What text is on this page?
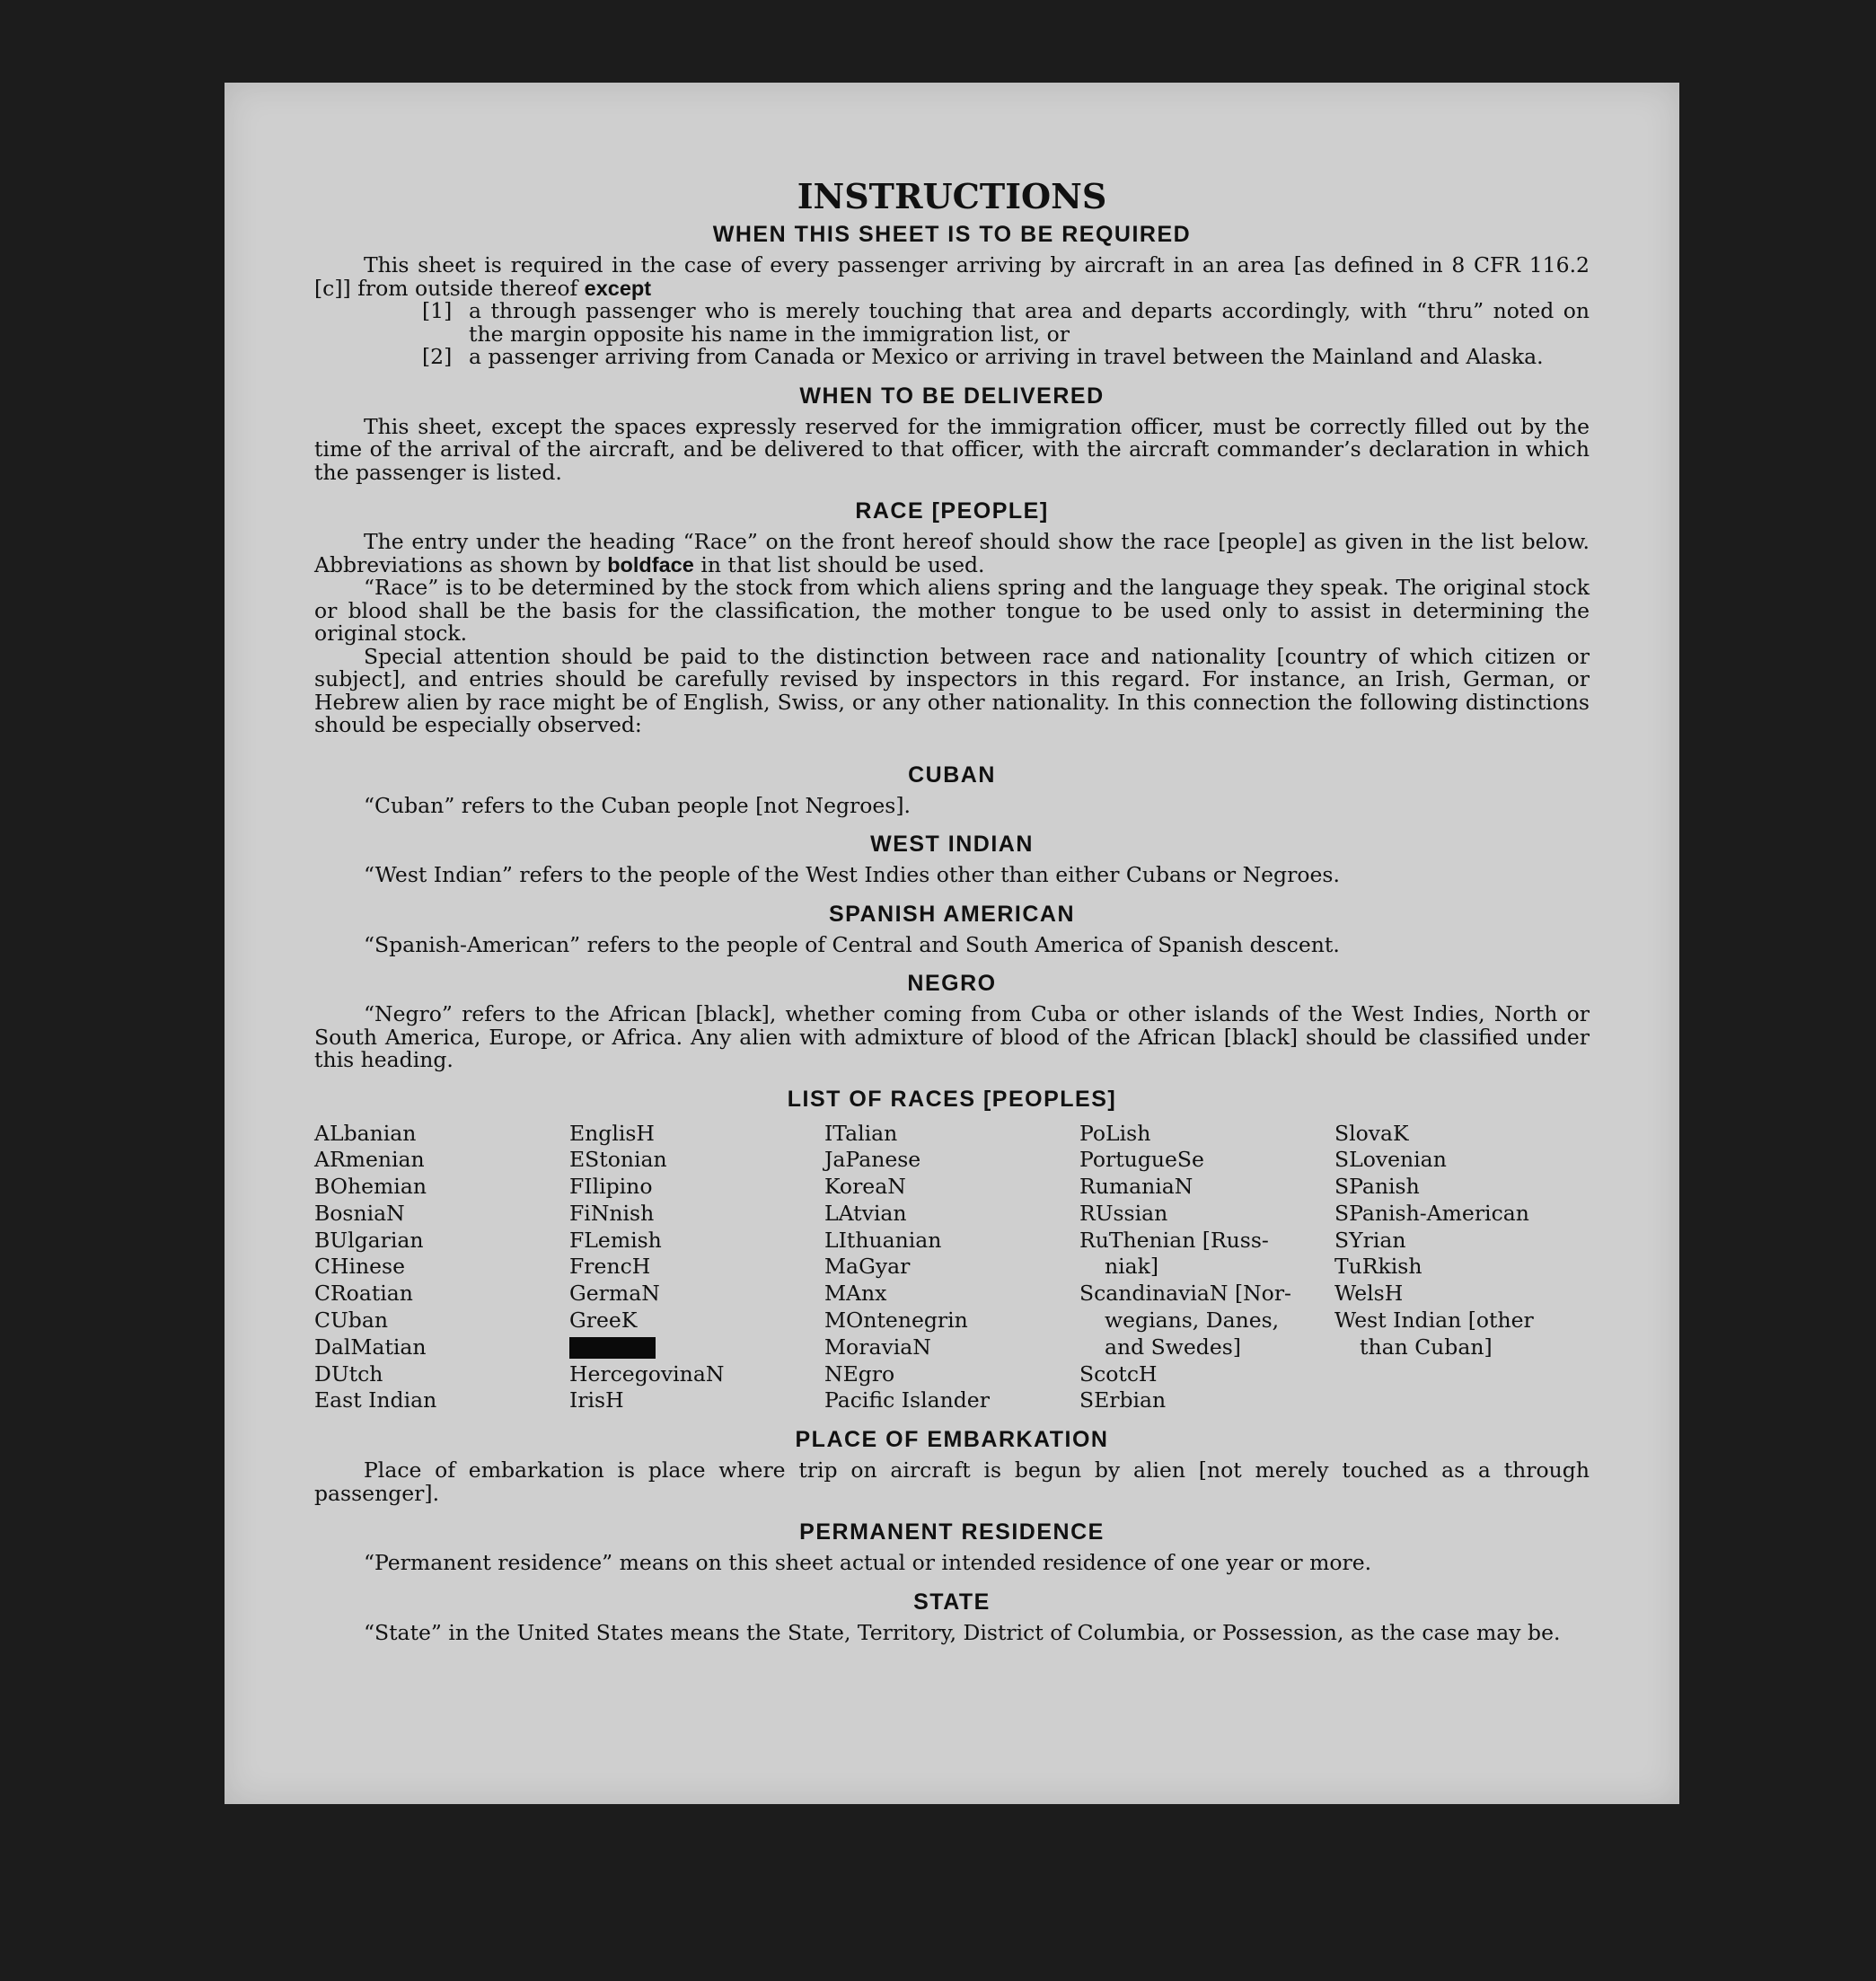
INSTRUCTIONS
WHEN THIS SHEET IS TO BE REQUIRED

This sheet is required in the case of every passenger arriving by aircraft in an area [as defined in 8 CFR 116.2 [c]] from outside thereof except

[1] a through passenger who is merely touching that area and departs accordingly, with “thru” noted on the margin opposite his name in the immigration list, or
[2] a passenger arriving from Canada or Mexico or arriving in travel between the Mainland and Alaska.
WHEN TO BE DELIVERED

This sheet, except the spaces expressly reserved for the immigration officer, must be correctly filled out by the time of the arrival of the aircraft, and be delivered to that officer, with the aircraft commander’s declaration in which the passenger is listed.

RACE [PEOPLE]

The entry under the heading “Race” on the front hereof should show the race [people] as given in the list below. Abbreviations as shown by boldface in that list should be used.

“Race” is to be determined by the stock from which aliens spring and the language they speak. The original stock or blood shall be the basis for the classification, the mother tongue to be used only to assist in determining the original stock.

Special attention should be paid to the distinction between race and nationality [country of which citizen or subject], and entries should be carefully revised by inspectors in this regard. For instance, an Irish, German, or Hebrew alien by race might be of English, Swiss, or any other nationality. In this connection the following distinctions should be especially observed:

CUBAN

“Cuban” refers to the Cuban people [not Negroes].

WEST INDIAN

“West Indian” refers to the people of the West Indies other than either Cubans or Negroes.

SPANISH AMERICAN

“Spanish-American” refers to the people of Central and South America of Spanish descent.

NEGRO

“Negro” refers to the African [black], whether coming from Cuba or other islands of the West Indies, North or South America, Europe, or Africa. Any alien with admixture of blood of the African [black] should be classified under this heading.

LIST OF RACES [PEOPLES]
ALbanian
ARmenian
BOhemian
BosniaN
BUlgarian
CHinese
CRoatian
CUban
DalMatian
DUtch
East Indian
EnglisH
EStonian
FIlipino
FiNnish
FLemish
FrencH
GermaN
GreeK
HercegovinaN
IrisH
ITalian
JaPanese
KoreaN
LAtvian
LIthuanian
MaGyar
MAnx
MOntenegrin
MoraviaN
NEgro
Pacific Islander
PoLish
PortugueSe
RumaniaN
RUssian
RuThenian [Russ-
niak]
ScandinaviaN [Nor-
wegians, Danes,
and Swedes]
ScotcH
SErbian
SlovaK
SLovenian
SPanish
SPanish-American
SYrian
TuRkish
WelsH
West Indian [other
than Cuban]
PLACE OF EMBARKATION

Place of embarkation is place where trip on aircraft is begun by alien [not merely touched as a through passenger].

PERMANENT RESIDENCE

“Permanent residence” means on this sheet actual or intended residence of one year or more.

STATE

“State” in the United States means the State, Territory, District of Columbia, or Possession, as the case may be.
